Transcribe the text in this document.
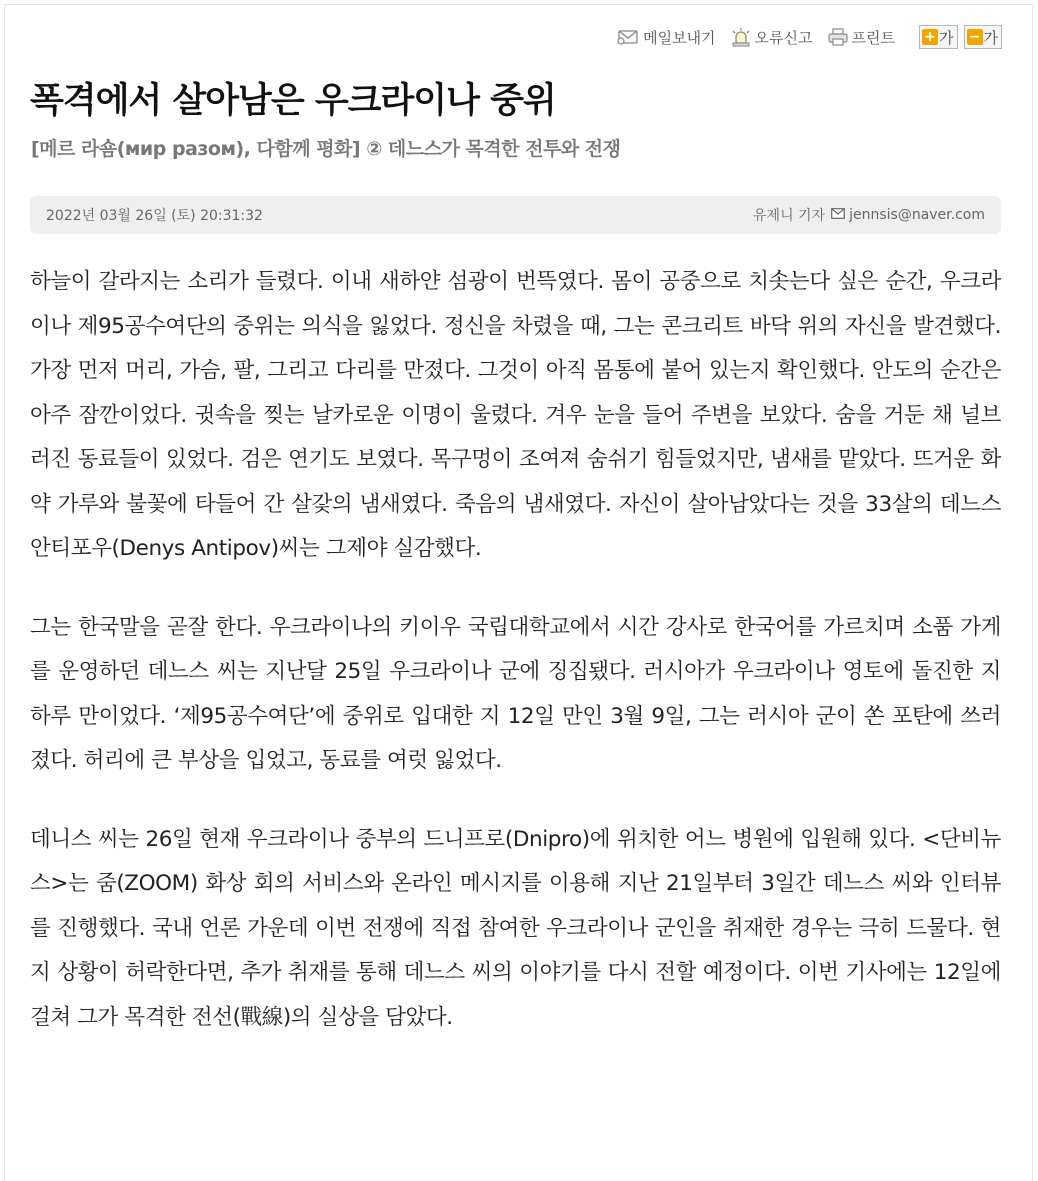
메일보내기	오류신고	프린트 + 가 − 가
폭격에서 살아남은 우크라이나 중위
[메르 라숌(мир разом), 다함께 평화] ② 데느스가 목격한 전투와 전쟁
2022년 03월 26일 (토) 20:31:32	유제니 기자 jennsis@naver.com

하늘이 갈라지는 소리가 들렸다. 이내 새하얀 섬광이 번뜩였다. 몸이 공중으로 치솟는다 싶은 순간, 우크라이나 제95공수여단의 중위는 의식을 잃었다. 정신을 차렸을 때, 그는 콘크리트 바닥 위의 자신을 발견했다. 가장 먼저 머리, 가슴, 팔, 그리고 다리를 만졌다. 그것이 아직 몸통에 붙어 있는지 확인했다. 안도의 순간은 아주 잠깐이었다. 귓속을 찢는 날카로운 이명이 울렸다. 겨우 눈을 들어 주변을 보았다. 숨을 거둔 채 널브러진 동료들이 있었다. 검은 연기도 보였다. 목구멍이 조여져 숨쉬기 힘들었지만, 냄새를 맡았다. 뜨거운 화약 가루와 불꽃에 타들어 간 살갗의 냄새였다. 죽음의 냄새였다. 자신이 살아남았다는 것을 33살의 데느스 안티포우(Denys Antipov)씨는 그제야 실감했다.

그는 한국말을 곧잘 한다. 우크라이나의 키이우 국립대학교에서 시간 강사로 한국어를 가르치며 소품 가게를 운영하던 데느스 씨는 지난달 25일 우크라이나 군에 징집됐다. 러시아가 우크라이나 영토에 돌진한 지 하루 만이었다. ‘제95공수여단’에 중위로 입대한 지 12일 만인 3월 9일, 그는 러시아 군이 쏜 포탄에 쓰러졌다. 허리에 큰 부상을 입었고, 동료를 여럿 잃었다.

데니스 씨는 26일 현재 우크라이나 중부의 드니프로(Dnipro)에 위치한 어느 병원에 입원해 있다. <단비뉴스>는 줌(ZOOM) 화상 회의 서비스와 온라인 메시지를 이용해 지난 21일부터 3일간 데느스 씨와 인터뷰를 진행했다. 국내 언론 가운데 이번 전쟁에 직접 참여한 우크라이나 군인을 취재한 경우는 극히 드물다. 현지 상황이 허락한다면, 추가 취재를 통해 데느스 씨의 이야기를 다시 전할 예정이다. 이번 기사에는 12일에 걸쳐 그가 목격한 전선(戰線)의 실상을 담았다.
